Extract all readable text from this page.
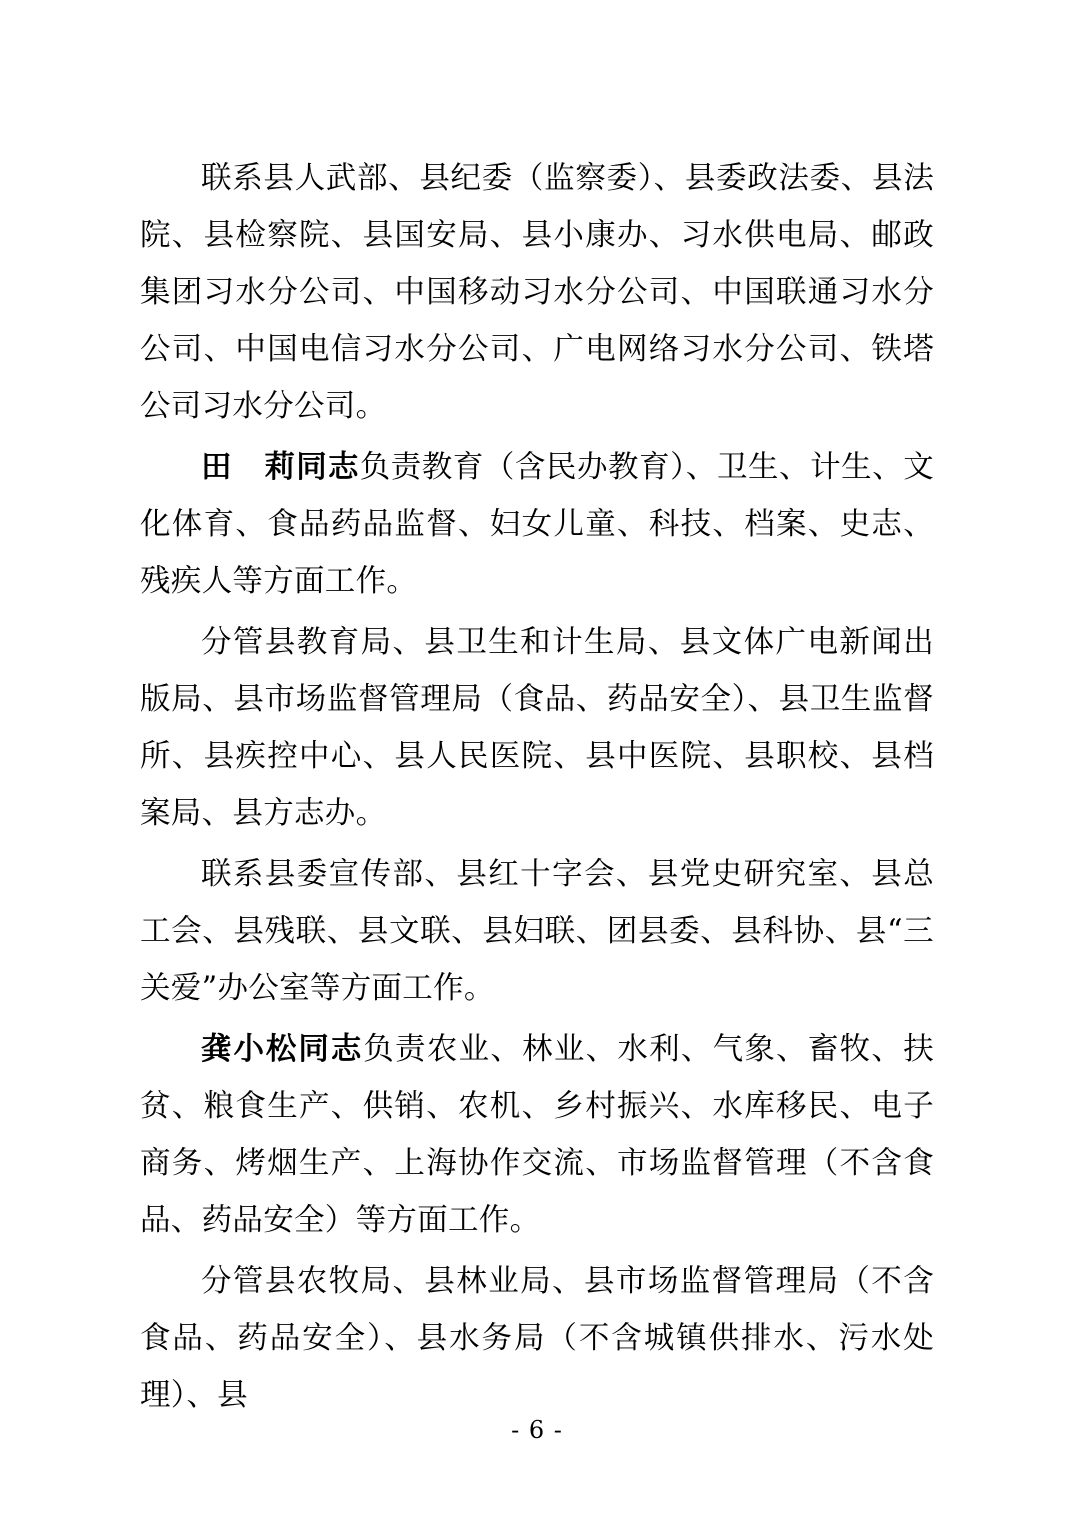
联系县人武部、县纪委（监察委）、县委政法委、县法院、县检察院、县国安局、县小康办、习水供电局、邮政集团习水分公司、中国移动习水分公司、中国联通习水分公司、中国电信习水分公司、广电网络习水分公司、铁塔公司习水分公司。

田　莉同志负责教育（含民办教育）、卫生、计生、文化体育、食品药品监督、妇女儿童、科技、档案、史志、残疾人等方面工作。

分管县教育局、县卫生和计生局、县文体广电新闻出版局、县市场监督管理局（食品、药品安全）、县卫生监督所、县疾控中心、县人民医院、县中医院、县职校、县档案局、县方志办。

联系县委宣传部、县红十字会、县党史研究室、县总工会、县残联、县文联、县妇联、团县委、县科协、县“三关爱”办公室等方面工作。

龚小松同志负责农业、林业、水利、气象、畜牧、扶贫、粮食生产、供销、农机、乡村振兴、水库移民、电子商务、烤烟生产、上海协作交流、市场监督管理（不含食品、药品安全）等方面工作。

分管县农牧局、县林业局、县市场监督管理局（不含食品、药品安全）、县水务局（不含城镇供排水、污水处理）、县

- 6 -
